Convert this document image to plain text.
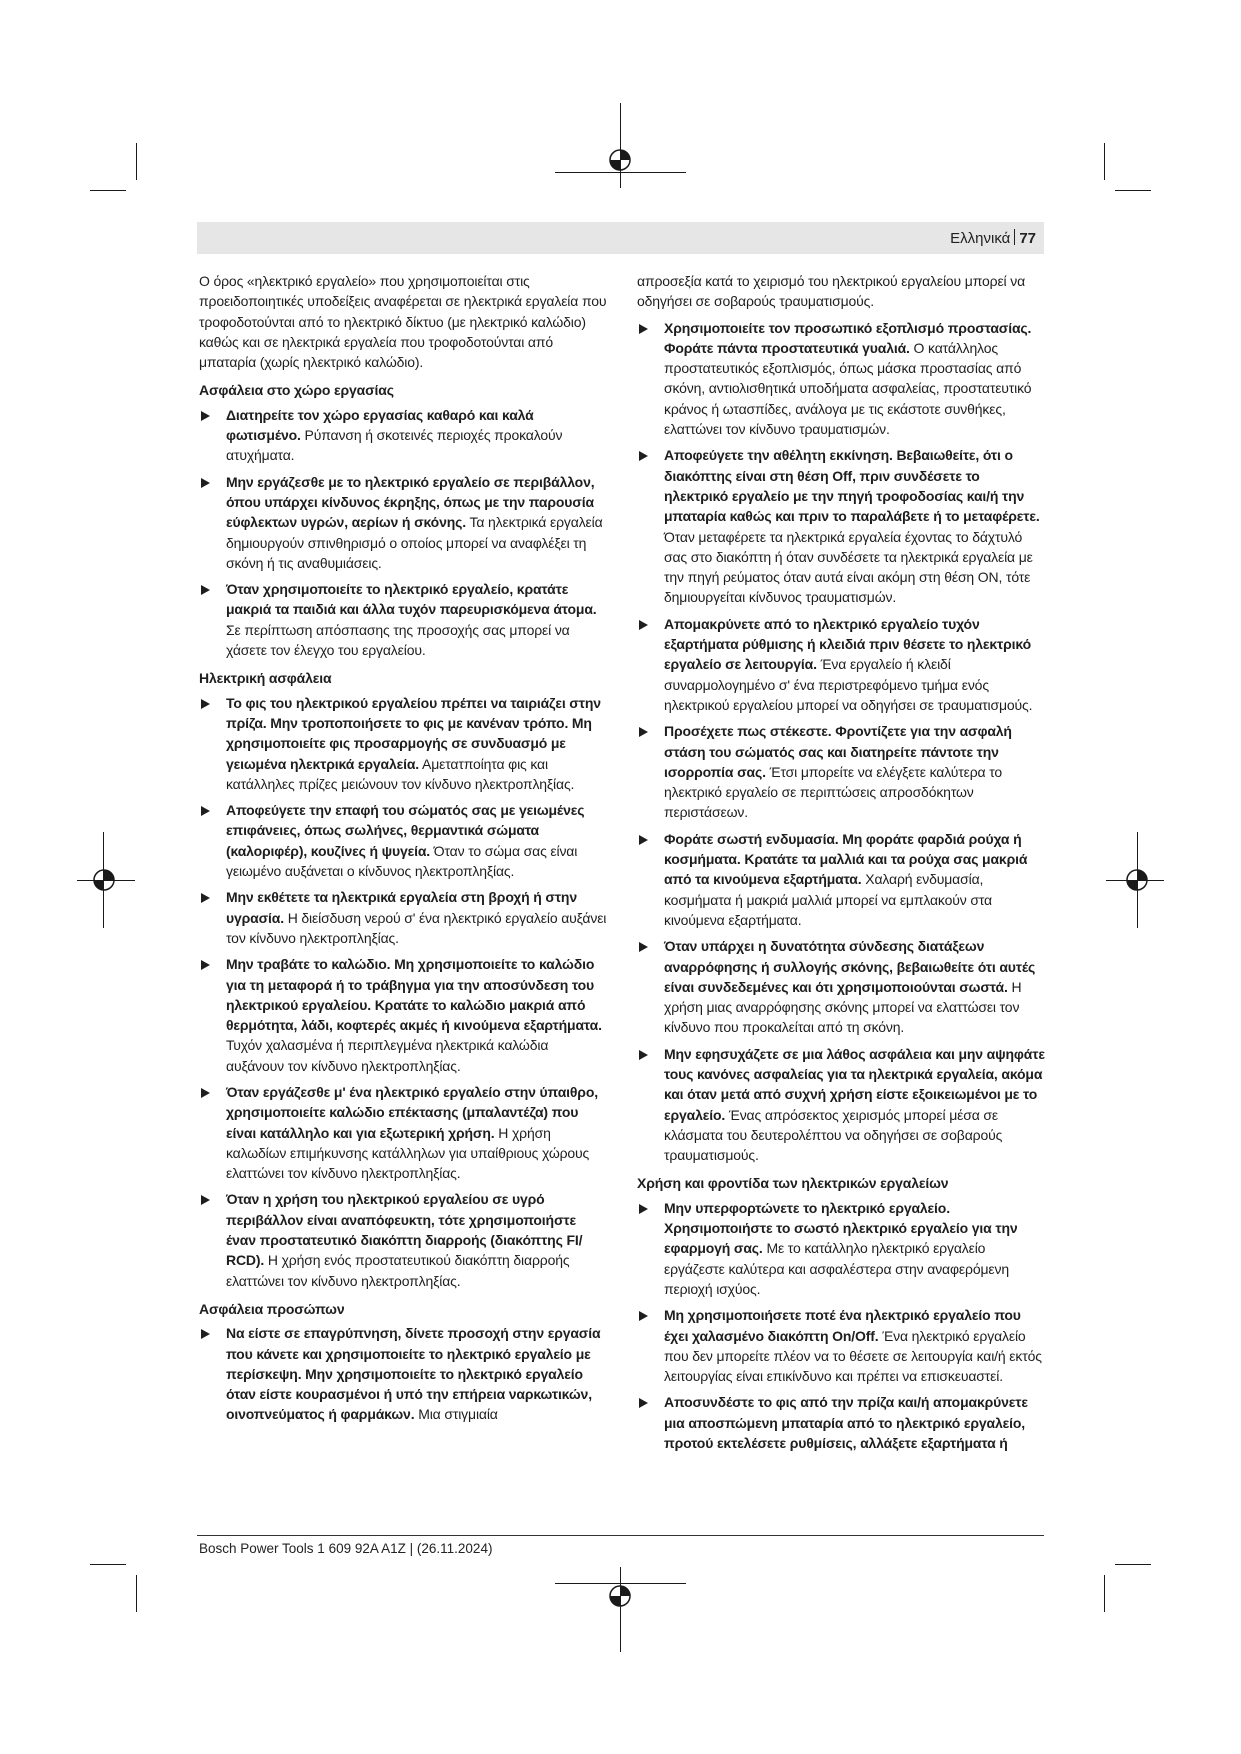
Ελληνικά 77

Ο όρος «ηλεκτρικό εργαλείο» που χρησιμοποιείται στις προειδοποιητικές υποδείξεις αναφέρεται σε ηλεκτρικά εργαλεία που τροφοδοτούνται από το ηλεκτρικό δίκτυο (με ηλεκτρικό καλώδιο) καθώς και σε ηλεκτρικά εργαλεία που τροφοδοτούνται από μπαταρία (χωρίς ηλεκτρικό καλώδιο).

Ασφάλεια στο χώρο εργασίας
Διατηρείτε τον χώρο εργασίας καθαρό και καλά φωτισμένο. Ρύπανση ή σκοτεινές περιοχές προκαλούν ατυχήματα.
Μην εργάζεσθε με το ηλεκτρικό εργαλείο σε περιβάλλον, όπου υπάρχει κίνδυνος έκρηξης, όπως με την παρουσία εύφλεκτων υγρών, αερίων ή σκόνης. Τα ηλεκτρικά εργαλεία δημιουργούν σπινθηρισμό ο οποίος μπορεί να αναφλέξει τη σκόνη ή τις αναθυμιάσεις.
Όταν χρησιμοποιείτε το ηλεκτρικό εργαλείο, κρατάτε μακριά τα παιδιά και άλλα τυχόν παρευρισκόμενα άτομα. Σε περίπτωση απόσπασης της προσοχής σας μπορεί να χάσετε τον έλεγχο του εργαλείου.
Ηλεκτρική ασφάλεια
Το φις του ηλεκτρικού εργαλείου πρέπει να ταιριάζει στην πρίζα. Μην τροποποιήσετε το φις με κανέναν τρόπο. Μη χρησιμοποιείτε φις προσαρμογής σε συνδυασμό με γειωμένα ηλεκτρικά εργαλεία. Αμετατποίητα φις και κατάλληλες πρίζες μειώνουν τον κίνδυνο ηλεκτροπληξίας.
Αποφεύγετε την επαφή του σώματός σας με γειωμένες επιφάνειες, όπως σωλήνες, θερμαντικά σώματα (καλοριφέρ), κουζίνες ή ψυγεία. Όταν το σώμα σας είναι γειωμένο αυξάνεται ο κίνδυνος ηλεκτροπληξίας.
Μην εκθέτετε τα ηλεκτρικά εργαλεία στη βροχή ή στην υγρασία. Η διείσδυση νερού σ' ένα ηλεκτρικό εργαλείο αυξάνει τον κίνδυνο ηλεκτροπληξίας.
Μην τραβάτε το καλώδιο. Μη χρησιμοποιείτε το καλώδιο για τη μεταφορά ή το τράβηγμα για την αποσύνδεση του ηλεκτρικού εργαλείου. Κρατάτε το καλώδιο μακριά από θερμότητα, λάδι, κοφτερές ακμές ή κινούμενα εξαρτήματα. Τυχόν χαλασμένα ή περιπλεγμένα ηλεκτρικά καλώδια αυξάνουν τον κίνδυνο ηλεκτροπληξίας.
Όταν εργάζεσθε μ' ένα ηλεκτρικό εργαλείο στην ύπαιθρο, χρησιμοποιείτε καλώδιο επέκτασης (μπαλαντέζα) που είναι κατάλληλο και για εξωτερική χρήση. Η χρήση καλωδίων επιμήκυνσης κατάλληλων για υπαίθριους χώρους ελαττώνει τον κίνδυνο ηλεκτροπληξίας.
Όταν η χρήση του ηλεκτρικού εργαλείου σε υγρό περιβάλλον είναι αναπόφευκτη, τότε χρησιμοποιήστε έναν προστατευτικό διακόπτη διαρροής (διακόπτης FI/ RCD). Η χρήση ενός προστατευτικού διακόπτη διαρροής ελαττώνει τον κίνδυνο ηλεκτροπληξίας.
Ασφάλεια προσώπων
Να είστε σε επαγρύπνηση, δίνετε προσοχή στην εργασία που κάνετε και χρησιμοποιείτε το ηλεκτρικό εργαλείο με περίσκεψη. Μην χρησιμοποιείτε το ηλεκτρικό εργαλείο όταν είστε κουρασμένοι ή υπό την επήρεια ναρκωτικών, οινοπνεύματος ή φαρμάκων. Μια στιγμιαία

απροσεξία κατά το χειρισμό του ηλεκτρικού εργαλείου μπορεί να οδηγήσει σε σοβαρούς τραυματισμούς.

Χρησιμοποιείτε τον προσωπικό εξοπλισμό προστασίας. Φοράτε πάντα προστατευτικά γυαλιά. Ο κατάλληλος προστατευτικός εξοπλισμός, όπως μάσκα προστασίας από σκόνη, αντιολισθητικά υποδήματα ασφαλείας, προστατευτικό κράνος ή ωτασπίδες, ανάλογα με τις εκάστοτε συνθήκες, ελαττώνει τον κίνδυνο τραυματισμών.
Αποφεύγετε την αθέλητη εκκίνηση. Βεβαιωθείτε, ότι ο διακόπτης είναι στη θέση Off, πριν συνδέσετε το ηλεκτρικό εργαλείο με την πηγή τροφοδοσίας και/ή την μπαταρία καθώς και πριν το παραλάβετε ή το μεταφέρετε. Όταν μεταφέρετε τα ηλεκτρικά εργαλεία έχοντας το δάχτυλό σας στο διακόπτη ή όταν συνδέσετε τα ηλεκτρικά εργαλεία με την πηγή ρεύματος όταν αυτά είναι ακόμη στη θέση ON, τότε δημιουργείται κίνδυνος τραυματισμών.
Απομακρύνετε από το ηλεκτρικό εργαλείο τυχόν εξαρτήματα ρύθμισης ή κλειδιά πριν θέσετε το ηλεκτρικό εργαλείο σε λειτουργία. Ένα εργαλείο ή κλειδί συναρμολογημένο σ' ένα περιστρεφόμενο τμήμα ενός ηλεκτρικού εργαλείου μπορεί να οδηγήσει σε τραυματισμούς.
Προσέχετε πως στέκεστε. Φροντίζετε για την ασφαλή στάση του σώματός σας και διατηρείτε πάντοτε την ισορροπία σας. Έτσι μπορείτε να ελέγξετε καλύτερα το ηλεκτρικό εργαλείο σε περιπτώσεις απροσδόκητων περιστάσεων.
Φοράτε σωστή ενδυμασία. Μη φοράτε φαρδιά ρούχα ή κοσμήματα. Κρατάτε τα μαλλιά και τα ρούχα σας μακριά από τα κινούμενα εξαρτήματα. Χαλαρή ενδυμασία, κοσμήματα ή μακριά μαλλιά μπορεί να εμπλακούν στα κινούμενα εξαρτήματα.
Όταν υπάρχει η δυνατότητα σύνδεσης διατάξεων αναρρόφησης ή συλλογής σκόνης, βεβαιωθείτε ότι αυτές είναι συνδεδεμένες και ότι χρησιμοποιούνται σωστά. Η χρήση μιας αναρρόφησης σκόνης μπορεί να ελαττώσει τον κίνδυνο που προκαλείται από τη σκόνη.
Μην εφησυχάζετε σε μια λάθος ασφάλεια και μην αψηφάτε τους κανόνες ασφαλείας για τα ηλεκτρικά εργαλεία, ακόμα και όταν μετά από συχνή χρήση είστε εξοικειωμένοι με το εργαλείο. Ένας απρόσεκτος χειρισμός μπορεί μέσα σε κλάσματα του δευτερολέπτου να οδηγήσει σε σοβαρούς τραυματισμούς.
Χρήση και φροντίδα των ηλεκτρικών εργαλείων
Μην υπερφορτώνετε το ηλεκτρικό εργαλείο. Χρησιμοποιήστε το σωστό ηλεκτρικό εργαλείο για την εφαρμογή σας. Με το κατάλληλο ηλεκτρικό εργαλείο εργάζεστε καλύτερα και ασφαλέστερα στην αναφερόμενη περιοχή ισχύος.
Μη χρησιμοποιήσετε ποτέ ένα ηλεκτρικό εργαλείο που έχει χαλασμένο διακόπτη On/Off. Ένα ηλεκτρικό εργαλείο που δεν μπορείτε πλέον να το θέσετε σε λειτουργία και/ή εκτός λειτουργίας είναι επικίνδυνο και πρέπει να επισκευαστεί.
Αποσυνδέστε το φις από την πρίζα και/ή απομακρύνετε μια αποσπώμενη μπαταρία από το ηλεκτρικό εργαλείο, προτού εκτελέσετε ρυθμίσεις, αλλάξετε εξαρτήματα ή
Bosch Power Tools 1 609 92A A1Z | (26.11.2024)
